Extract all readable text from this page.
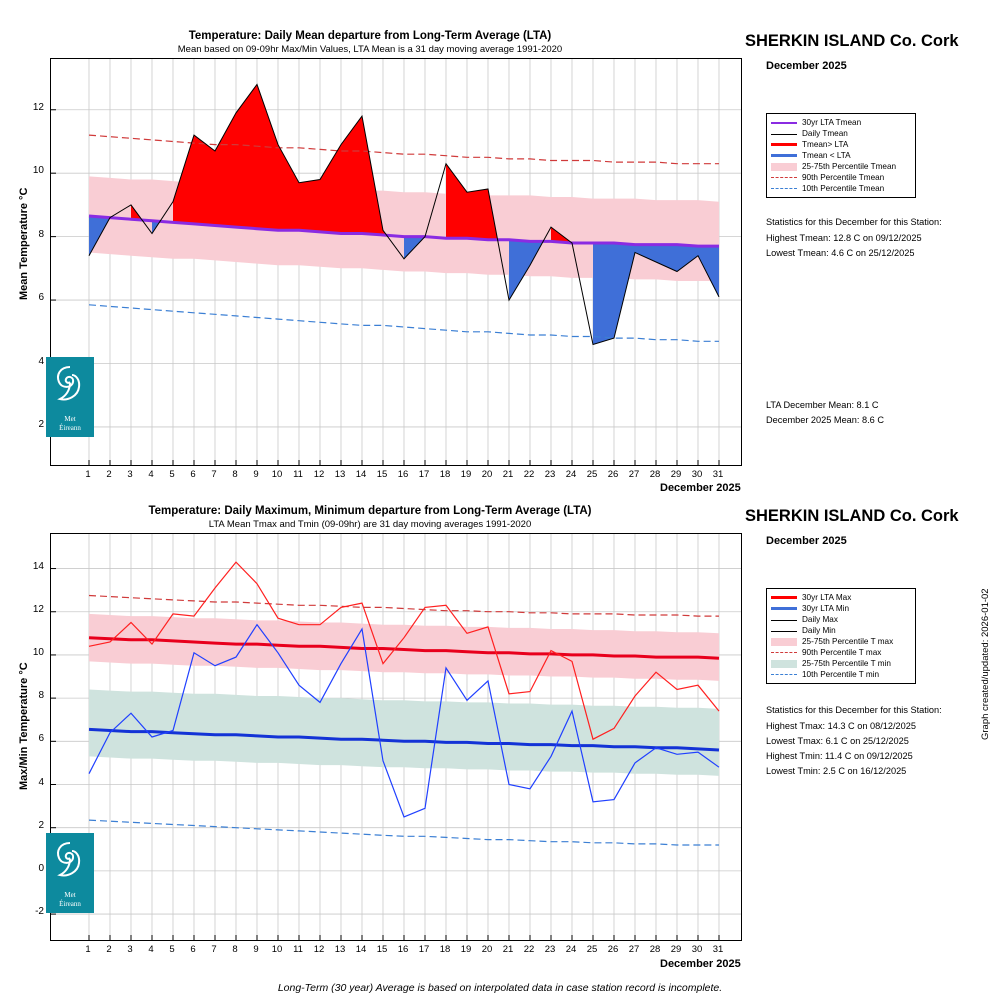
Temperature: Daily Mean departure from Long-Term Average (LTA)
Mean based on 09-09hr Max/Min Values, LTA Mean is a 31 day moving average 1991-2020
Mean Temperature °C
December 2025
SHERKIN ISLAND Co. Cork
December 2025
30yr LTA Tmean
Daily Tmean
Tmean> LTA
Tmean < LTA
25-75th Percentile Tmean
90th Percentile Tmean
10th Percentile Tmean
Statistics for this December for this Station:
Highest Tmean: 12.8 C on 09/12/2025
Lowest Tmean: 4.6 C on 25/12/2025
LTA December Mean: 8.1 C
December 2025 Mean: 8.6 C
Met
Éireann
2
4
6
8
10
12
1	2	3	4	5	6	7	8	9	10	11	12	13	14	15	16	17	18	19	20	21	22	23	24	25	26	27	28	29	30	31
Temperature: Daily Maximum, Minimum departure from Long-Term Average (LTA)
LTA Mean Tmax and Tmin (09-09hr) are 31 day moving averages 1991-2020
Max/Min Temperature °C
December 2025
SHERKIN ISLAND Co. Cork
December 2025
30yr LTA Max
30yr LTA Min
Daily Max
Daily Min
25-75th Percentile T max
90th Percentile T max
25-75th Percentile T min
10th Percentile T min
Statistics for this December for this Station:
Highest Tmax: 14.3 C on 08/12/2025
Lowest Tmax: 6.1 C on 25/12/2025
Highest Tmin: 11.4 C on 09/12/2025
Lowest Tmin: 2.5 C on 16/12/2025
Met
Éireann
-2
0
2
4
6
8
10
12
14
1	2	3	4	5	6	7	8	9	10	11	12	13	14	15	16	17	18	19	20	21	22	23	24	25	26	27	28	29	30	31
Graph created/updated: 2026-01-02
Long-Term (30 year) Average is based on interpolated data in case station record is incomplete.
